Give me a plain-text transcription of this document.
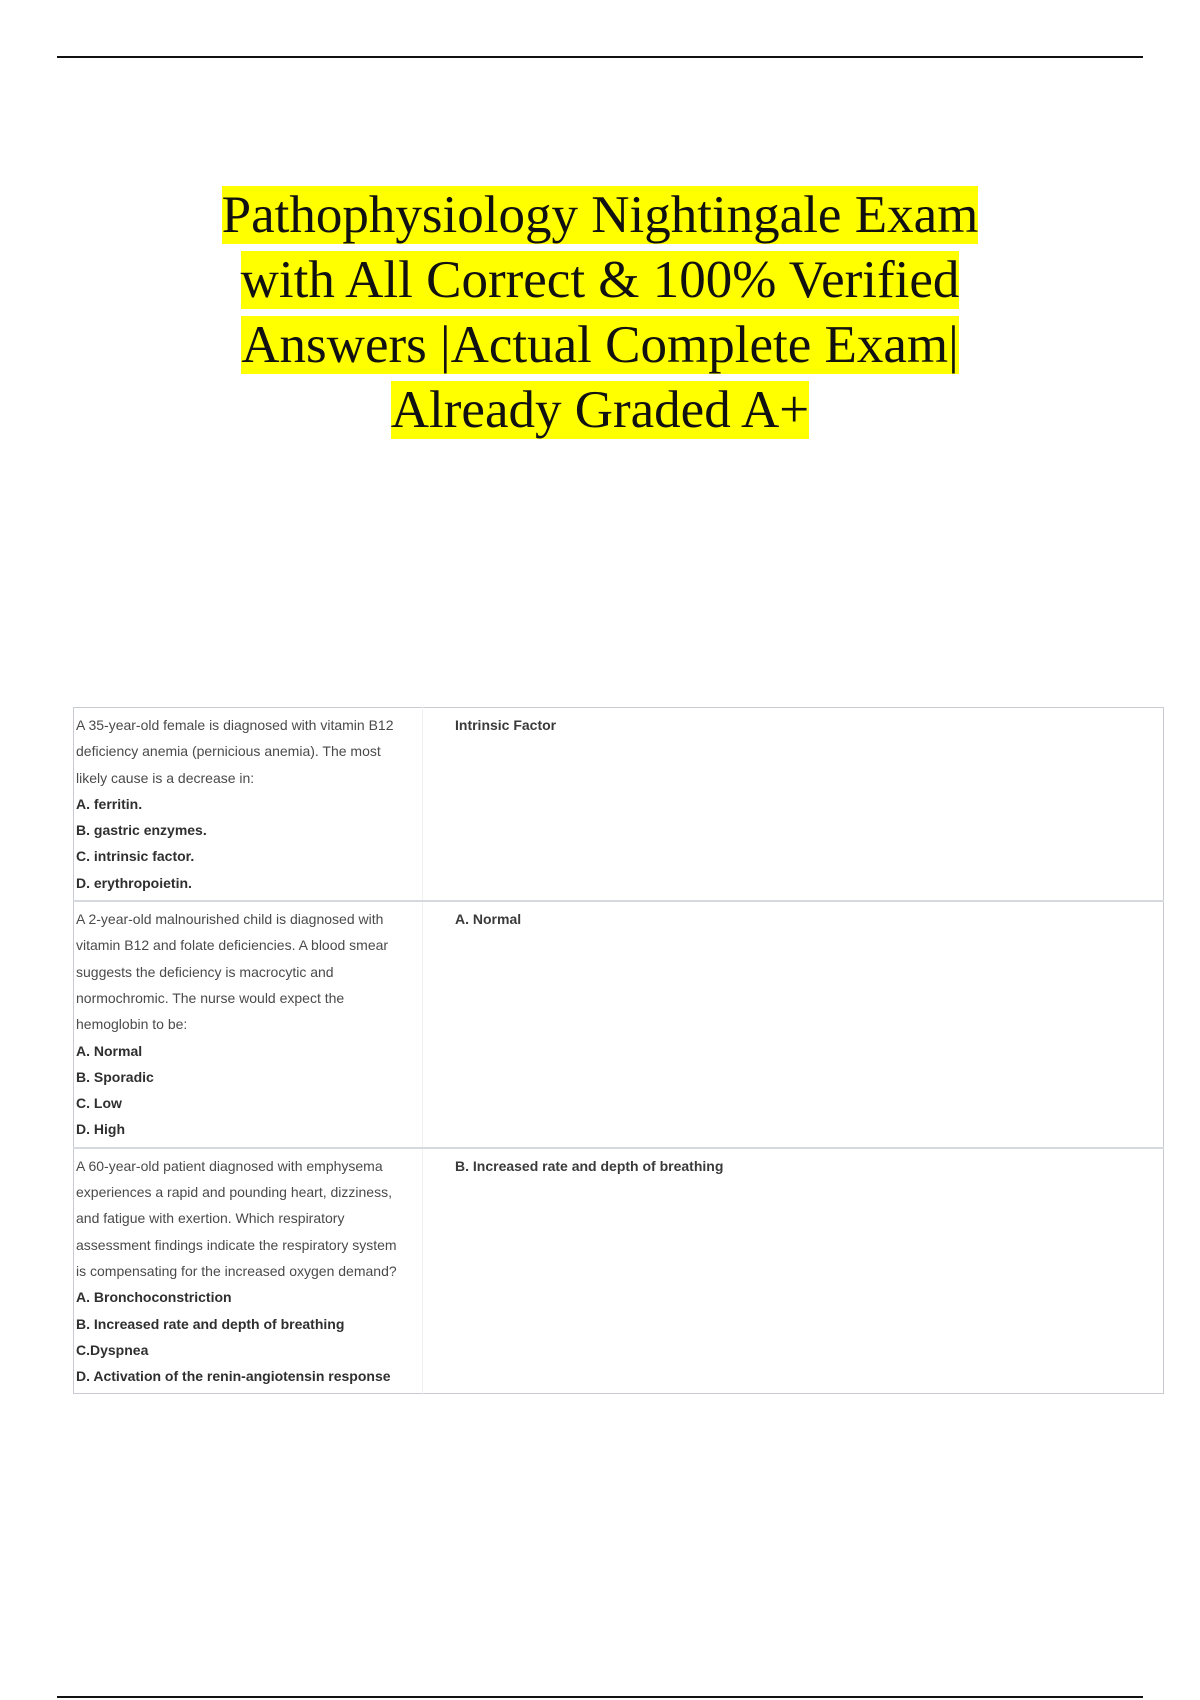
Pathophysiology Nightingale Exam
with All Correct & 100% Verified
Answers |Actual Complete Exam|
Already Graded A+
A 35-year-old female is diagnosed with vitamin B12 deficiency anemia (pernicious anemia). The most likely cause is a decrease in:
A. ferritin.
B. gastric enzymes.
C. intrinsic factor.
D. erythropoietin.	Intrinsic Factor

A 2-year-old malnourished child is diagnosed with vitamin B12 and folate deficiencies. A blood smear suggests the deficiency is macrocytic and normochromic. The nurse would expect the hemoglobin to be:
A. Normal
B. Sporadic
C. Low
D. High	A. Normal

A 60-year-old patient diagnosed with emphysema experiences a rapid and pounding heart, dizziness, and fatigue with exertion. Which respiratory assessment findings indicate the respiratory system is compensating for the increased oxygen demand?
A. Bronchoconstriction
B. Increased rate and depth of breathing
C.Dyspnea
D. Activation of the renin-angiotensin response	B. Increased rate and depth of breathing
